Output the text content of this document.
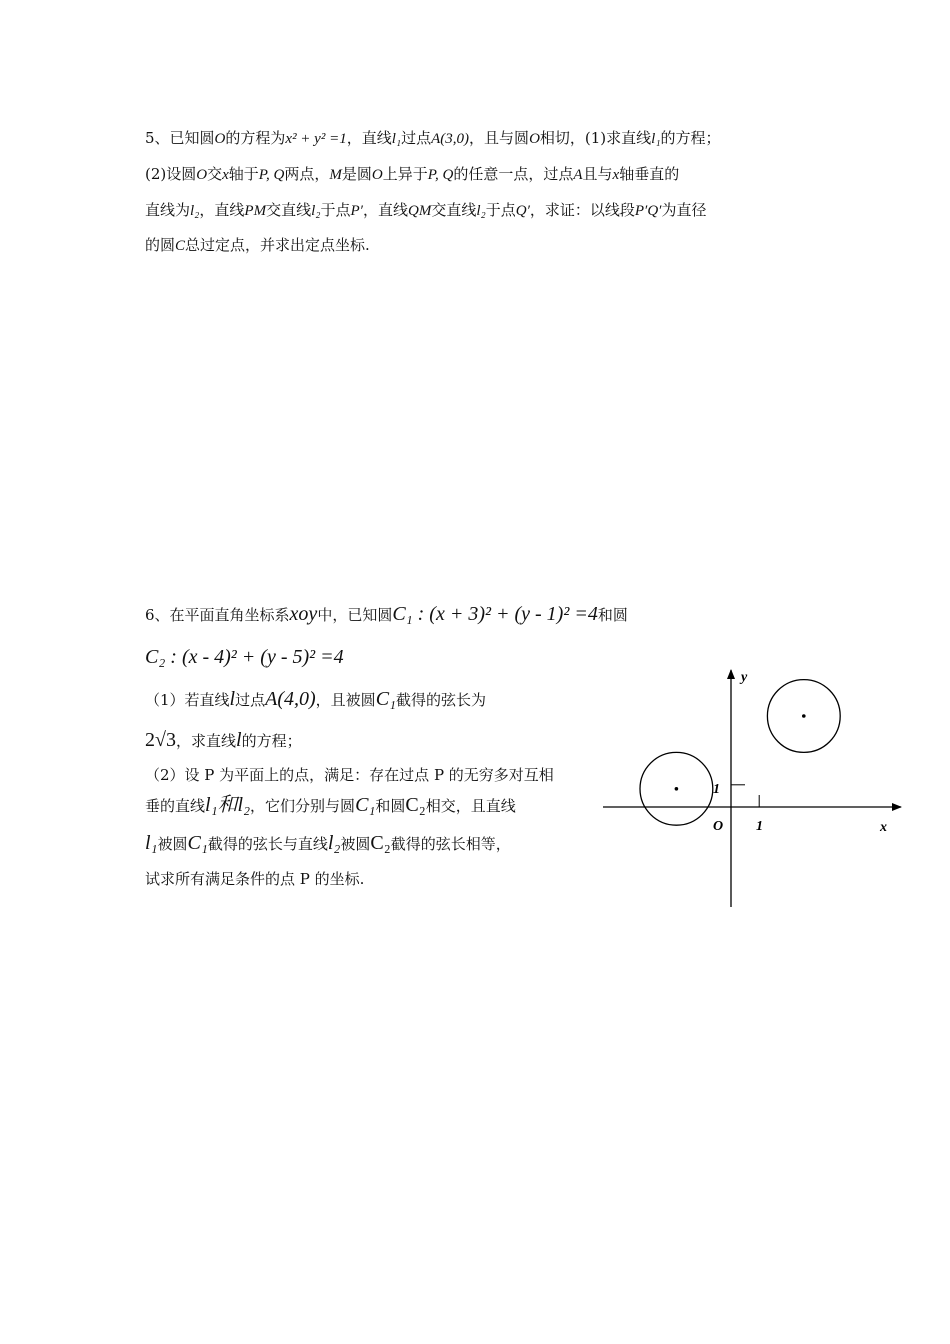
5、已知圆O的方程为x² + y² =1，直线l₁过点A(3,0)，且与圆O相切，(1)求直线l₁的方程；
(2)设圆O交x轴于P, Q两点，M是圆O上异于P, Q的任意一点，过点A且与x轴垂直的
直线为l₂，直线PM交直线l₂于点P′，直线QM交直线l₂于点Q′，求证：以线段P′Q′为直径
的圆C总过定点，并求出定点坐标.
6、在平面直角坐标系xoy中，已知圆C₁ : (x + 3)² + (y - 1)² =4和圆
C₂ : (x - 4)² + (y - 5)² =4
（1）若直线l过点A(4,0)，且被圆C₁截得的弦长为
2√3，求直线l的方程；
（2）设 P 为平面上的点，满足：存在过点 P 的无穷多对互相
垂的直线l₁和l₂，它们分别与圆C₁和圆C₂相交，且直线
l₁被圆C₁截得的弦长与直线l₂被圆C₂截得的弦长相等，
试求所有满足条件的点 P 的坐标.
y
x
O 1
1
